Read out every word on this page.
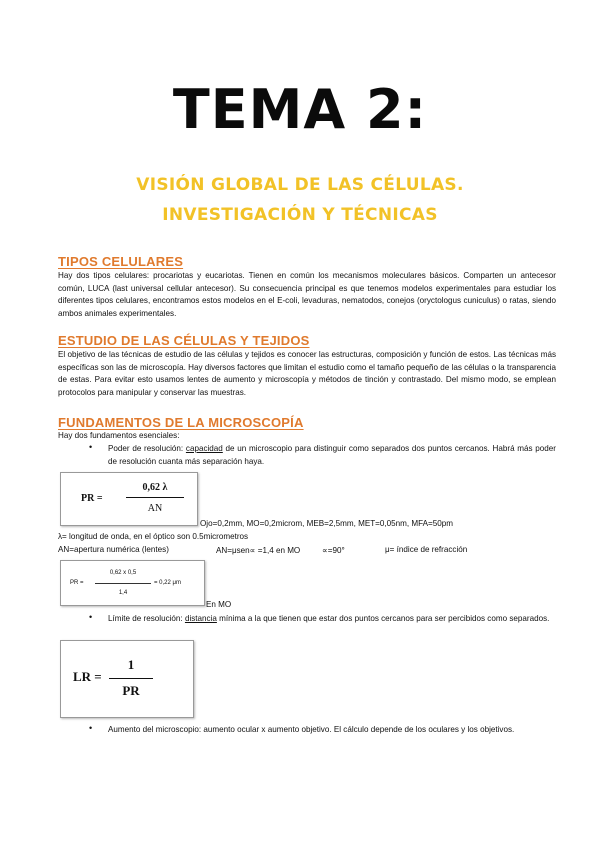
TEMA 2:
VISIÓN GLOBAL DE LAS CÉLULAS.
INVESTIGACIÓN Y TÉCNICAS
TIPOS CELULARES
Hay dos tipos celulares: procariotas y eucariotas. Tienen en común los mecanismos moleculares básicos. Comparten un antecesor común, LUCA (last universal cellular antecesor). Su consecuencia principal es que tenemos modelos experimentales para estudiar los diferentes tipos celulares, encontramos estos modelos en el E-coli, levaduras, nematodos, conejos (oryctologus cuniculus) o ratas, siendo ambos animales experimentales.
ESTUDIO DE LAS CÉLULAS Y TEJIDOS
El objetivo de las técnicas de estudio de las células y tejidos es conocer las estructuras, composición y función de estos. Las técnicas más específicas son las de microscopía. Hay diversos factores que limitan el estudio como el tamaño pequeño de las células o la transparencia de estas. Para evitar esto usamos lentes de aumento y microscopía y métodos de tinción y contrastado. Del mismo modo, se emplean protocolos para manipular y conservar las muestras.
FUNDAMENTOS DE LA MICROSCOPÍA
Hay dos fundamentos esenciales:
• Poder de resolución: capacidad de un microscopio para distinguir como separados dos puntos cercanos. Habrá más poder de resolución cuanta más separación haya.
PR =
0,62 λ
AN
Ojo=0,2mm, MO=0,2microm, MEB=2,5mm, MET=0,05nm, MFA=50pm
λ= longitud de onda, en el óptico son 0.5micrometros
AN=apertura numérica (lentes)	AN=μsen∝ =1,4 en MO	∝=90°	μ= índice de refracción
PR =
0,62 x 0,5
1,4
= 0,22 μm
En MO
• Límite de resolución: distancia mínima a la que tienen que estar dos puntos cercanos para ser percibidos como separados.
LR =
1
PR
• Aumento del microscopio: aumento ocular x aumento objetivo. El cálculo depende de los oculares y los objetivos.
